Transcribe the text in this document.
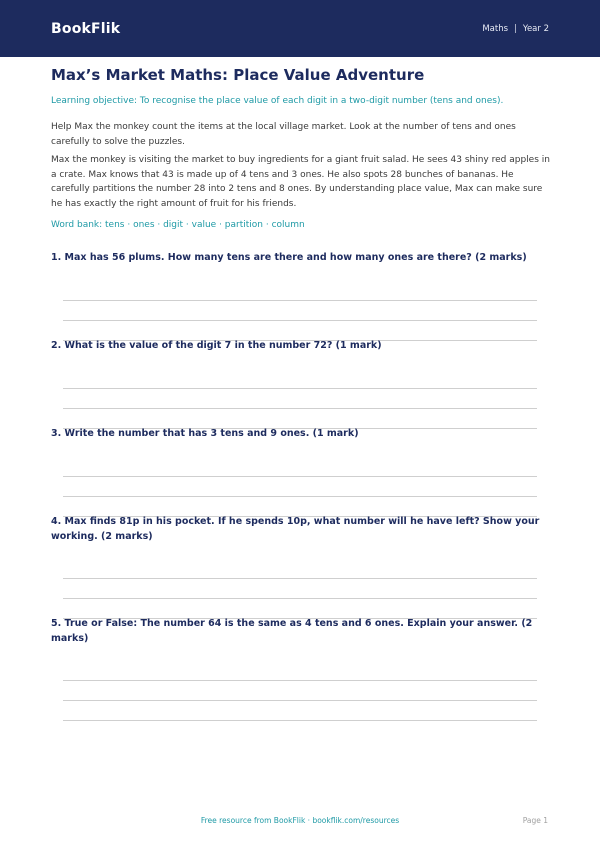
BookFlik	Maths | Year 2
Max’s Market Maths: Place Value Adventure
Learning objective: To recognise the place value of each digit in a two-digit number (tens and ones).
Help Max the monkey count the items at the local village market. Look at the number of tens and ones carefully to solve the puzzles.
Max the monkey is visiting the market to buy ingredients for a giant fruit salad. He sees 43 shiny red apples in a crate. Max knows that 43 is made up of 4 tens and 3 ones. He also spots 28 bunches of bananas. He carefully partitions the number 28 into 2 tens and 8 ones. By understanding place value, Max can make sure he has exactly the right amount of fruit for his friends.
Word bank: tens · ones · digit · value · partition · column
1. Max has 56 plums. How many tens are there and how many ones are there? (2 marks)
2. What is the value of the digit 7 in the number 72? (1 mark)
3. Write the number that has 3 tens and 9 ones. (1 mark)
4. Max finds 81p in his pocket. If he spends 10p, what number will he have left? Show your working. (2 marks)
5. True or False: The number 64 is the same as 4 tens and 6 ones. Explain your answer. (2 marks)
Free resource from BookFlik · bookflik.com/resources	Page 1
